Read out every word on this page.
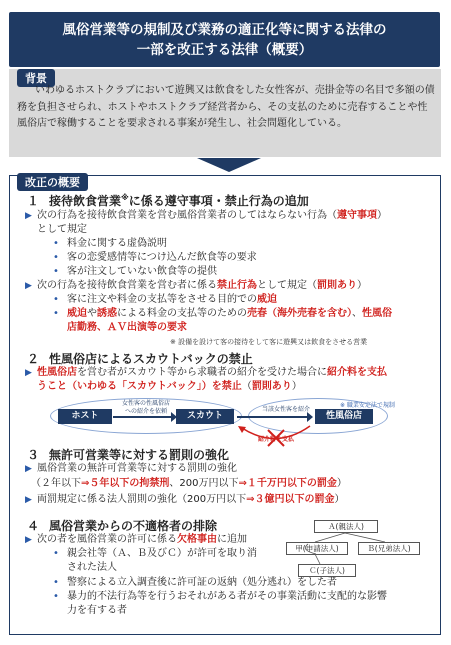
風俗営業等の規制及び業務の適正化等に関する法律の
一部を改正する法律（概要）
背景
いわゆるホストクラブにおいて遊興又は飲食をした女性客が、売掛金等の名目で多額の債務を負担させられ、ホストやホストクラブ経営者から、その支払のために売春することや性風俗店で稼働することを要求される事案が発生し、社会問題化している。
改正の概要
１ 接待飲食営業※に係る遵守事項・禁止行為の追加
▶ 次の行為を接待飲食営業を営む風俗営業者のしてはならない行為（遵守事項）
として規定
• 料金に関する虚偽説明
• 客の恋愛感情等につけ込んだ飲食等の要求
• 客が注文していない飲食等の提供
▶ 次の行為を接待飲食営業を営む者に係る禁止行為として規定（罰則あり）
• 客に注文や料金の支払等をさせる目的での威迫
• 威迫や誘惑による料金の支払等のための売春（海外売春を含む）、性風俗
店勤務、ＡＶ出演等の要求
※ 設備を設けて客の接待をして客に遊興又は飲食をさせる営業
２ 性風俗店によるスカウトバックの禁止
▶ 性風俗店を営む者がスカウト等から求職者の紹介を受けた場合に紹介料を支払
うこと（いわゆる「スカウトバック」）を禁止（罰則あり）
ホスト	スカウト	性風俗店
女性客の性風俗店
への紹介を依頼	当該女性客を紹介
※ 職業安定法で規制
紹介料を支払
３ 無許可営業等に対する罰則の強化
▶ 風俗営業の無許可営業等に対する罰則の強化
（２年以下⇒５年以下の拘禁刑、200万円以下⇒１千万円以下の罰金）
▶ 両罰規定に係る法人罰則の強化（200万円以下⇒３億円以下の罰金）
４ 風俗営業からの不適格者の排除
▶ 次の者を風俗営業の許可に係る欠格事由に追加
• 親会社等（Ａ、Ｂ及びＣ）が許可を取り消
された法人
• 警察による立入調査後に許可証の返納（処分逃れ）をした者
• 暴力的不法行為等を行うおそれがある者がその事業活動に支配的な影響
力を有する者
Ａ(親法人)
甲(申請法人)	Ｂ(兄弟法人)
Ｃ(子法人)
